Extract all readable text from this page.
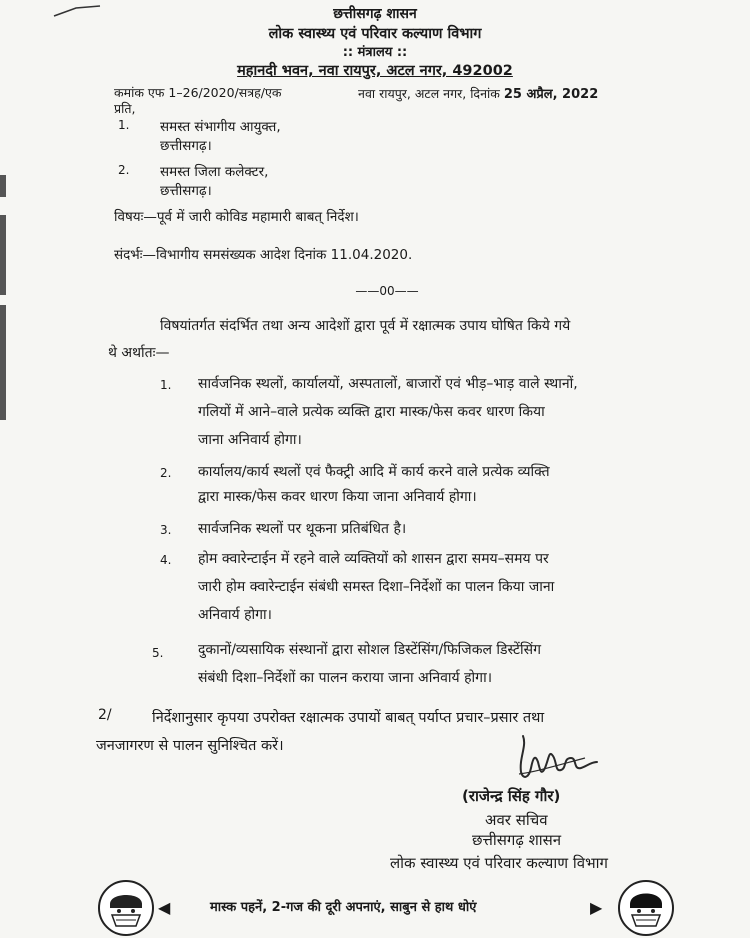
छत्तीसगढ़ शासन
लोक स्वास्थ्य एवं परिवार कल्याण विभाग
:: मंत्रालय ::
महानदी भवन, नवा रायपुर, अटल नगर, 492002
कमांक एफ 1–26/2020/सत्रह/एक	नवा रायपुर, अटल नगर, दिनांक 25 अप्रैल, 2022
प्रति,
1. समस्त संभागीय आयुक्त,
छत्तीसगढ़।
2. समस्त जिला कलेक्टर,
छत्तीसगढ़।
विषयः—पूर्व में जारी कोविड महामारी बाबत् निर्देश।
संदर्भः—विभागीय समसंख्यक आदेश दिनांक 11.04.2020.
——00——
विषयांतर्गत संदर्भित तथा अन्य आदेशों द्वारा पूर्व में रक्षात्मक उपाय घोषित किये गये
थे अर्थातः—
1. सार्वजनिक स्थलों, कार्यालयों, अस्पतालों, बाजारों एवं भीड़–भाड़ वाले स्थानों,
गलियों में आने–वाले प्रत्येक व्यक्ति द्वारा मास्क/फेस कवर धारण किया
जाना अनिवार्य होगा।
2. कार्यालय/कार्य स्थलों एवं फैक्ट्री आदि में कार्य करने वाले प्रत्येक व्यक्ति
द्वारा मास्क/फेस कवर धारण किया जाना अनिवार्य होगा।
3. सार्वजनिक स्थलों पर थूकना प्रतिबंधित है।
4. होम क्वारेन्टाईन में रहने वाले व्यक्तियों को शासन द्वारा समय–समय पर
जारी होम क्वारेन्टाईन संबंधी समस्त दिशा–निर्देशों का पालन किया जाना
अनिवार्य होगा।
5. दुकानों/व्यसायिक संस्थानों द्वारा सोशल डिस्टेंसिंग/फिजिकल डिस्टेंसिंग
संबंधी दिशा–निर्देशों का पालन कराया जाना अनिवार्य होगा।
2/	निर्देशानुसार कृपया उपरोक्त रक्षात्मक उपायों बाबत् पर्याप्त प्रचार–प्रसार तथा
जनजागरण से पालन सुनिश्चित करें।
(राजेन्द्र सिंह गौर)
अवर सचिव
छत्तीसगढ़ शासन
लोक स्वास्थ्य एवं परिवार कल्याण विभाग
◀	मास्क पहनें, 2-गज की दूरी अपनाएं, साबुन से हाथ धोएं	▶
